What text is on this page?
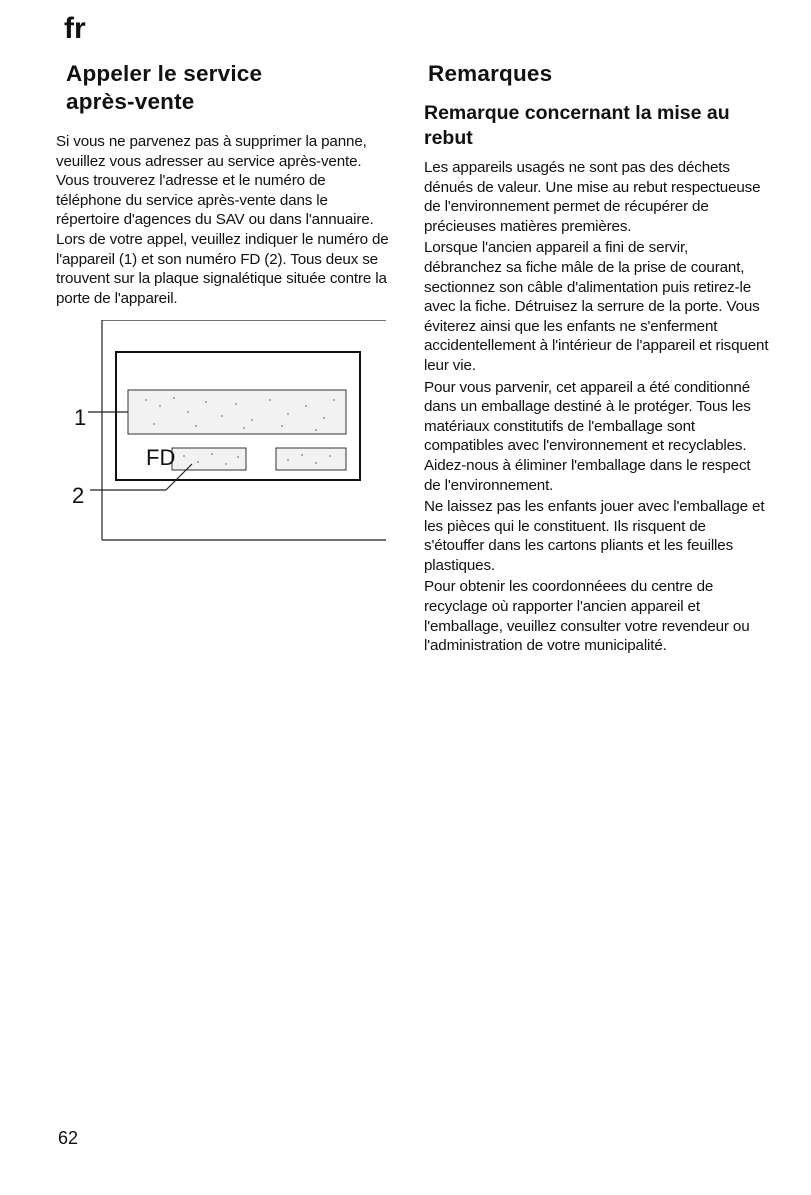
fr
Appeler le service
après-vente

Si vous ne parvenez pas à supprimer la panne, veuillez vous adresser au service après-vente. Vous trouverez l'adresse et le numéro de téléphone du service après-vente dans le répertoire d'agences du SAV ou dans l'annuaire. Lors de votre appel, veuillez indiquer le numéro de l'appareil (1) et son numéro FD (2). Tous deux se trouvent sur la plaque signalétique située contre la porte de l'appareil.

1
2
FD
Remarques
Remarque concernant la mise au rebut

Les appareils usagés ne sont pas des déchets dénués de valeur. Une mise au rebut respectueuse de l'environnement permet de récupérer de précieuses matières premières.

Lorsque l'ancien appareil a fini de servir, débranchez sa fiche mâle de la prise de courant, sectionnez son câble d'alimentation puis retirez-le avec la fiche. Détruisez la serrure de la porte. Vous éviterez ainsi que les enfants ne s'enferment accidentellement à l'intérieur de l'appareil et risquent leur vie.

Pour vous parvenir, cet appareil a été conditionné dans un emballage destiné à le protéger. Tous les matériaux constitutifs de l'emballage sont compatibles avec l'environnement et recyclables. Aidez-nous à éliminer l'emballage dans le respect de l'environnement.

Ne laissez pas les enfants jouer avec l'emballage et les pièces qui le constituent. Ils risquent de s'étouffer dans les cartons pliants et les feuilles plastiques.

Pour obtenir les coordonnéees du centre de recyclage où rapporter l'ancien appareil et l'emballage, veuillez consulter votre revendeur ou l'administration de votre municipalité.

62
